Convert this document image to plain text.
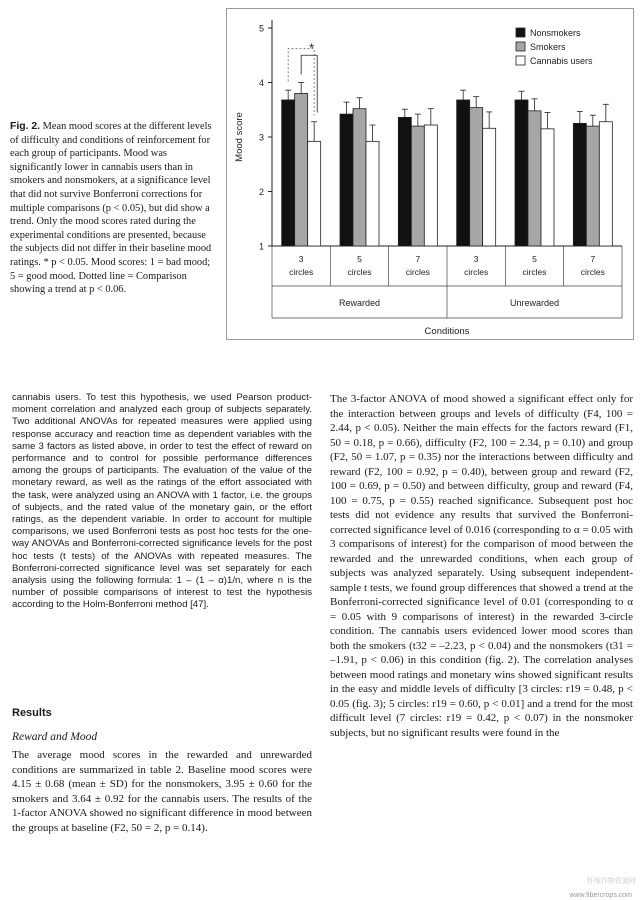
Fig. 2. Mean mood scores at the different levels of difficulty and conditions of reinforcement for each group of participants. Mood was significantly lower in cannabis users than in smokers and nonsmokers, at a significance level that did not survive Bonferroni corrections for multiple comparisons (p < 0.05), but did show a trend. Only the mood scores rated during the experimental conditions are presented, because the subjects did not differ in their baseline mood ratings. * p < 0.05. Mood scores: 1 = bad mood; 5 = good mood. Dotted line = Comparison showing a trend at p < 0.06.
1
2
3
4
5
Mood score
3
circles
5
circles
7
circles
3
circles
5
circles
7
circles
Rewarded	Unrewarded
Conditions
*
Nonsmokers
Smokers
Cannabis users

cannabis users. To test this hypothesis, we used Pearson product-moment correlation and analyzed each group of subjects separately. Two additional ANOVAs for repeated measures were applied using response accuracy and reaction time as dependent variables with the same 3 factors as listed above, in order to test the effect of reward on performance and to control for possible performance differences among the groups of participants. The evaluation of the value of the monetary reward, as well as the ratings of the effort associated with the task, were analyzed using an ANOVA with 1 factor, i.e. the groups of subjects, and the rated value of the monetary gain, or the effort ratings, as the dependent variable. In order to account for multiple comparisons, we used Bonferroni tests as post hoc tests for the one-way ANOVAs and Bonferroni-corrected significance levels for the post hoc tests (t tests) of the ANOVAs with repeated measures. The Bonferroni-corrected significance level was set separately for each analysis using the following formula: 1 – (1 – α)1/n, where n is the number of possible comparisons of interest to test the hypothesis according to the Holm-Bonferroni method [47].

Results
Reward and Mood
The average mood scores in the rewarded and unrewarded conditions are summarized in table 2. Baseline mood scores were 4.15 ± 0.68 (mean ± SD) for the nonsmokers, 3.95 ± 0.60 for the smokers and 3.64 ± 0.92 for the cannabis users. The results of the 1-factor ANOVA showed no significant difference in mood between the groups at baseline (F2, 50 = 2, p = 0.14).

The 3-factor ANOVA of mood showed a significant effect only for the interaction between groups and levels of difficulty (F4, 100 = 2.44, p < 0.05). Neither the main effects for the factors reward (F1, 50 = 0.18, p = 0.66), difficulty (F2, 100 = 2.34, p = 0.10) and group (F2, 50 = 1.07, p = 0.35) nor the interactions between difficulty and reward (F2, 100 = 0.92, p = 0.40), between group and reward (F2, 100 = 0.69, p = 0.50) and between difficulty, group and reward (F4, 100 = 0.75, p = 0.55) reached significance. Subsequent post hoc tests did not evidence any results that survived the Bonferroni-corrected significance level of 0.016 (corresponding to α = 0.05 with 3 comparisons of interest) for the comparison of mood between the rewarded and the unrewarded conditions, when each group of subjects was analyzed separately. Using subsequent independent-sample t tests, we found group differences that showed a trend at the Bonferroni-corrected significance level of 0.01 (corresponding to α = 0.05 with 9 comparisons of interest) in the rewarded 3-circle condition. The cannabis users evidenced lower mood scores than both the smokers (t32 = –2.23, p < 0.04) and the nonsmokers (t31 = –1.91, p < 0.06) in this condition (fig. 2). The correlation analyses between mood ratings and monetary wins showed significant results in the easy and middle levels of difficulty [3 circles: r19 = 0.48, p < 0.05 (fig. 3); 5 circles: r19 = 0.60, p < 0.01] and a trend for the most difficult level (7 circles: r19 = 0.42, p < 0.07) in the nonsmoker subjects, but no significant results were found in the

纤维作物资源网
www.fibercrops.com
